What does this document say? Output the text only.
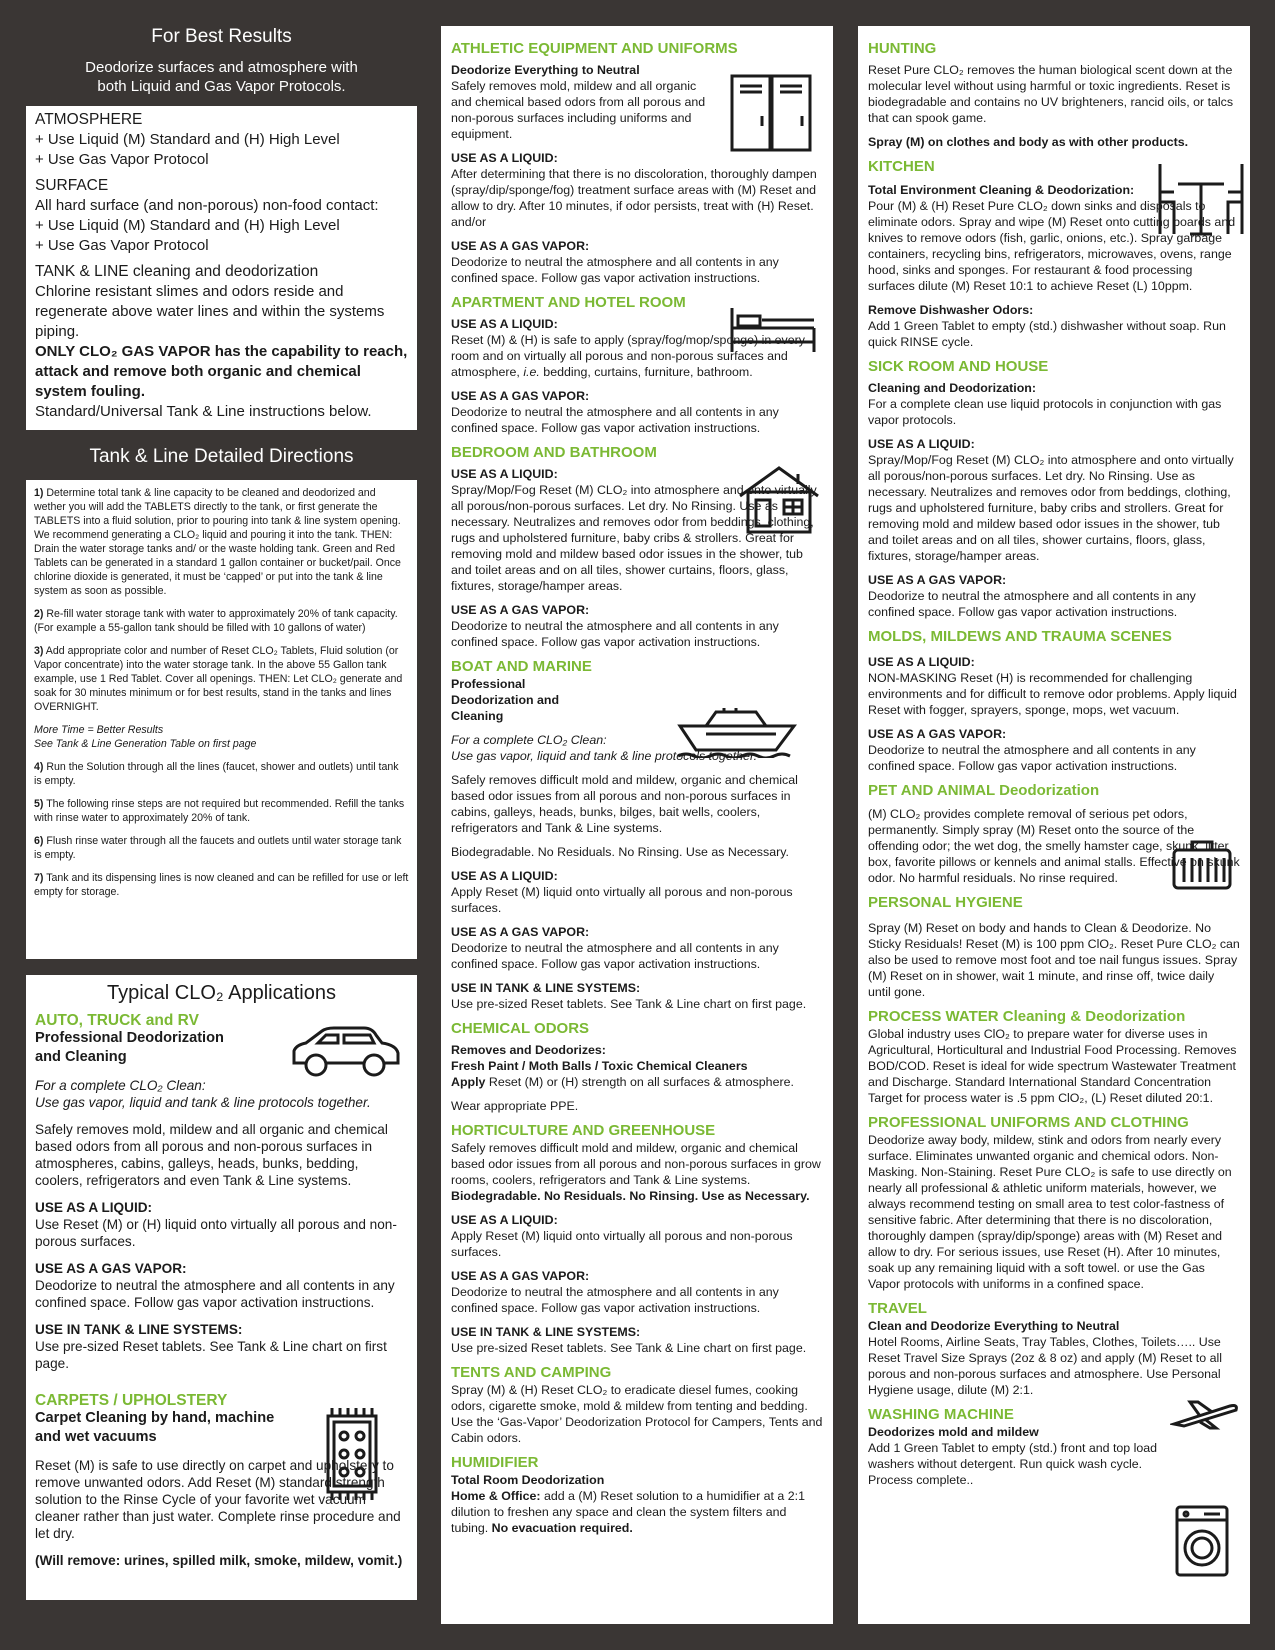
For Best Results

Deodorize surfaces and atmosphere with both Liquid and Gas Vapor Protocols.

ATMOSPHERE
+ Use Liquid (M) Standard and (H) High Level
+ Use Gas Vapor Protocol
SURFACE
All hard surface (and non-porous) non-food contact:
+ Use Liquid (M) Standard and (H) High Level
+ Use Gas Vapor Protocol
TANK & LINE cleaning and deodorization
Chlorine resistant slimes and odors reside and regenerate above water lines and within the systems piping.
ONLY CLO₂ GAS VAPOR has the capability to reach, attack and remove both organic and chemical system fouling.
Standard/Universal Tank & Line instructions below.
Tank & Line Detailed Directions

1) Determine total tank & line capacity to be cleaned and deodorized and wether you will add the TABLETS directly to the tank, or first generate the TABLETS into a fluid solution, prior to pouring into tank & line system opening. We recommend generating a CLO₂ liquid and pouring it into the tank. THEN: Drain the water storage tanks and/ or the waste holding tank. Green and Red Tablets can be generated in a standard 1 gallon container or bucket/pail. Once chlorine dioxide is generated, it must be ‘capped’ or put into the tank & line system as soon as possible.

2) Re-fill water storage tank with water to approximately 20% of tank capacity. (For example a 55-gallon tank should be filled with 10 gallons of water)

3) Add appropriate color and number of Reset CLO₂ Tablets, Fluid solution (or Vapor concentrate) into the water storage tank. In the above 55 Gallon tank example, use 1 Red Tablet. Cover all openings. THEN: Let CLO₂ generate and soak for 30 minutes minimum or for best results, stand in the tanks and lines OVERNIGHT.

More Time = Better Results
See Tank & Line Generation Table on first page

4) Run the Solution through all the lines (faucet, shower and outlets) until tank is empty.

5) The following rinse steps are not required but recommended. Refill the tanks with rinse water to approximately 20% of tank.

6) Flush rinse water through all the faucets and outlets until water storage tank is empty.

7) Tank and its dispensing lines is now cleaned and can be refilled for use or left empty for storage.

Typical CLO₂ Applications
AUTO, TRUCK and RV
Professional Deodorization and Cleaning

For a complete CLO₂ Clean:
Use gas vapor, liquid and tank & line protocols together.

Safely removes mold, mildew and all organic and chemical based odors from all porous and non-porous surfaces in atmospheres, cabins, galleys, heads, bunks, bedding, coolers, refrigerators and even Tank & Line systems.

USE AS A LIQUID:
Use Reset (M) or (H) liquid onto virtually all porous and non-porous surfaces.
USE AS A GAS VAPOR:
Deodorize to neutral the atmosphere and all contents in any confined space. Follow gas vapor activation instructions.
USE IN TANK & LINE SYSTEMS:
Use pre-sized Reset tablets. See Tank & Line chart on first page.
CARPETS / UPHOLSTERY
Carpet Cleaning by hand, machine and wet vacuums

Reset (M) is safe to use directly on carpet and upholstery to remove unwanted odors. Add Reset (M) standard strength solution to the Rinse Cycle of your favorite wet vacuum cleaner rather than just water. Complete rinse procedure and let dry.

(Will remove: urines, spilled milk, smoke, mildew, vomit.)

ATHLETIC EQUIPMENT AND UNIFORMS
Deodorize Everything to Neutral
Safely removes mold, mildew and all organic and chemical based odors from all porous and non-porous surfaces including uniforms and equipment.
USE AS A LIQUID:
After determining that there is no discoloration, thoroughly dampen (spray/dip/sponge/fog) treatment surface areas with (M) Reset and allow to dry. After 10 minutes, if odor persists, treat with (H) Reset. and/or
USE AS A GAS VAPOR:
Deodorize to neutral the atmosphere and all contents in any confined space. Follow gas vapor activation instructions.
APARTMENT AND HOTEL ROOM
USE AS A LIQUID:
Reset (M) & (H) is safe to apply (spray/fog/mop/sponge) in every room and on virtually all porous and non-porous surfaces and atmosphere, i.e. bedding, curtains, furniture, bathroom.
USE AS A GAS VAPOR:
Deodorize to neutral the atmosphere and all contents in any confined space. Follow gas vapor activation instructions.
BEDROOM AND BATHROOM
USE AS A LIQUID:
Spray/Mop/Fog Reset (M) CLO₂ into atmosphere and onto virtually all porous/non-porous surfaces. Let dry. No Rinsing. Use as necessary. Neutralizes and removes odor from beddings, clothing, rugs and upholstered furniture, baby cribs & strollers. Great for removing mold and mildew based odor issues in the shower, tub and toilet areas and on all tiles, shower curtains, floors, glass, fixtures, storage/hamper areas.
USE AS A GAS VAPOR:
Deodorize to neutral the atmosphere and all contents in any confined space. Follow gas vapor activation instructions.
BOAT AND MARINE
Professional Deodorization and Cleaning

For a complete CLO₂ Clean:
Use gas vapor, liquid and tank & line protocols together.

Safely removes difficult mold and mildew, organic and chemical based odor issues from all porous and non-porous surfaces in cabins, galleys, heads, bunks, bilges, bait wells, coolers, refrigerators and Tank & Line systems.

Biodegradable. No Residuals. No Rinsing. Use as Necessary.

USE AS A LIQUID:
Apply Reset (M) liquid onto virtually all porous and non-porous surfaces.
USE AS A GAS VAPOR:
Deodorize to neutral the atmosphere and all contents in any confined space. Follow gas vapor activation instructions.
USE IN TANK & LINE SYSTEMS:
Use pre-sized Reset tablets. See Tank & Line chart on first page.
CHEMICAL ODORS
Removes and Deodorizes:
Fresh Paint / Moth Balls / Toxic Chemical Cleaners
Apply Reset (M) or (H) strength on all surfaces & atmosphere.

Wear appropriate PPE.

HORTICULTURE AND GREENHOUSE
Safely removes difficult mold and mildew, organic and chemical based odor issues from all porous and non-porous surfaces in grow rooms, coolers, refrigerators and Tank & Line systems.
Biodegradable. No Residuals. No Rinsing. Use as Necessary.
USE AS A LIQUID:
Apply Reset (M) liquid onto virtually all porous and non-porous surfaces.
USE AS A GAS VAPOR:
Deodorize to neutral the atmosphere and all contents in any confined space. Follow gas vapor activation instructions.
USE IN TANK & LINE SYSTEMS:
Use pre-sized Reset tablets. See Tank & Line chart on first page.
TENTS AND CAMPING
Spray (M) & (H) Reset CLO₂ to eradicate diesel fumes, cooking odors, cigarette smoke, mold & mildew from tenting and bedding. Use the ‘Gas-Vapor’ Deodorization Protocol for Campers, Tents and Cabin odors.
HUMIDIFIER
Total Room Deodorization
Home & Office: add a (M) Reset solution to a humidifier at a 2:1 dilution to freshen any space and clean the system filters and tubing. No evacuation required.
HUNTING
Reset Pure CLO₂ removes the human biological scent down at the molecular level without using harmful or toxic ingredients. Reset is biodegradable and contains no UV brighteners, rancid oils, or talcs that can spook game.
Spray (M) on clothes and body as with other products.
KITCHEN
Total Environment Cleaning & Deodorization:
Pour (M) & (H) Reset Pure CLO₂ down sinks and disposals to eliminate odors. Spray and wipe (M) Reset onto cutting boards and knives to remove odors (fish, garlic, onions, etc.). Spray garbage containers, recycling bins, refrigerators, microwaves, ovens, range hood, sinks and sponges. For restaurant & food processing surfaces dilute (M) Reset 10:1 to achieve Reset (L) 10ppm.
Remove Dishwasher Odors:
Add 1 Green Tablet to empty (std.) dishwasher without soap. Run quick RINSE cycle.
SICK ROOM AND HOUSE
Cleaning and Deodorization:
For a complete clean use liquid protocols in conjunction with gas vapor protocols.
USE AS A LIQUID:
Spray/Mop/Fog Reset (M) CLO₂ into atmosphere and onto virtually all porous/non-porous surfaces. Let dry. No Rinsing. Use as necessary. Neutralizes and removes odor from beddings, clothing, rugs and upholstered furniture, baby cribs and strollers. Great for removing mold and mildew based odor issues in the shower, tub and toilet areas and on all tiles, shower curtains, floors, glass, fixtures, storage/hamper areas.
USE AS A GAS VAPOR:
Deodorize to neutral the atmosphere and all contents in any confined space. Follow gas vapor activation instructions.
MOLDS, MILDEWS AND TRAUMA SCENES
USE AS A LIQUID:
NON-MASKING Reset (H) is recommended for challenging environments and for difficult to remove odor problems. Apply liquid Reset with fogger, sprayers, sponge, mops, wet vacuum.
USE AS A GAS VAPOR:
Deodorize to neutral the atmosphere and all contents in any confined space. Follow gas vapor activation instructions.
PET AND ANIMAL Deodorization
(M) CLO₂ provides complete removal of serious pet odors, permanently. Simply spray (M) Reset onto the source of the offending odor; the wet dog, the smelly hamster cage, skunk, litter box, favorite pillows or kennels and animal stalls. Effective on skunk odor. No harmful residuals. No rinse required.
PERSONAL HYGIENE
Spray (M) Reset on body and hands to Clean & Deodorize. No Sticky Residuals! Reset (M) is 100 ppm ClO₂. Reset Pure CLO₂ can also be used to remove most foot and toe nail fungus issues. Spray (M) Reset on in shower, wait 1 minute, and rinse off, twice daily until gone.
PROCESS WATER Cleaning & Deodorization
Global industry uses ClO₂ to prepare water for diverse uses in Agricultural, Horticultural and Industrial Food Processing. Removes BOD/COD. Reset is ideal for wide spectrum Wastewater Treatment and Discharge. Standard International Standard Concentration Target for process water is .5 ppm ClO₂, (L) Reset diluted 20:1.
PROFESSIONAL UNIFORMS AND CLOTHING
Deodorize away body, mildew, stink and odors from nearly every surface. Eliminates unwanted organic and chemical odors. Non-Masking. Non-Staining. Reset Pure CLO₂ is safe to use directly on nearly all professional & athletic uniform materials, however, we always recommend testing on small area to test color-fastness of sensitive fabric. After determining that there is no discoloration, thoroughly dampen (spray/dip/sponge) areas with (M) Reset and allow to dry. For serious issues, use Reset (H). After 10 minutes, soak up any remaining liquid with a soft towel. or use the Gas Vapor protocols with uniforms in a confined space.
TRAVEL
Clean and Deodorize Everything to Neutral
Hotel Rooms, Airline Seats, Tray Tables, Clothes, Toilets….. Use Reset Travel Size Sprays (2oz & 8 oz) and apply (M) Reset to all porous and non-porous surfaces and atmosphere. Use Personal Hygiene usage, dilute (M) 2:1.
WASHING MACHINE
Deodorizes mold and mildew
Add 1 Green Tablet to empty (std.) front and top load washers without detergent. Run quick wash cycle. Process complete..
